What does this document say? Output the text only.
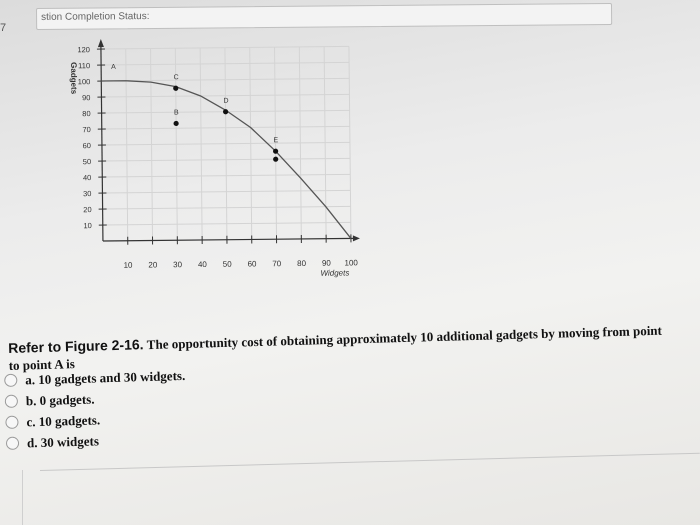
7
stion Completion Status:
10 20 30 40 50 60 70 80 90 100
10
20
30
40
50
60
70
80
90
100
110
120
Widgets
Gadgets	A
C
B
D
E
Refer to Figure 2-16. The opportunity cost of obtaining approximately 10 additional gadgets by moving from point
to point A is
a. 10 gadgets and 30 widgets.
b. 0 gadgets.
c. 10 gadgets.
d. 30 widgets
